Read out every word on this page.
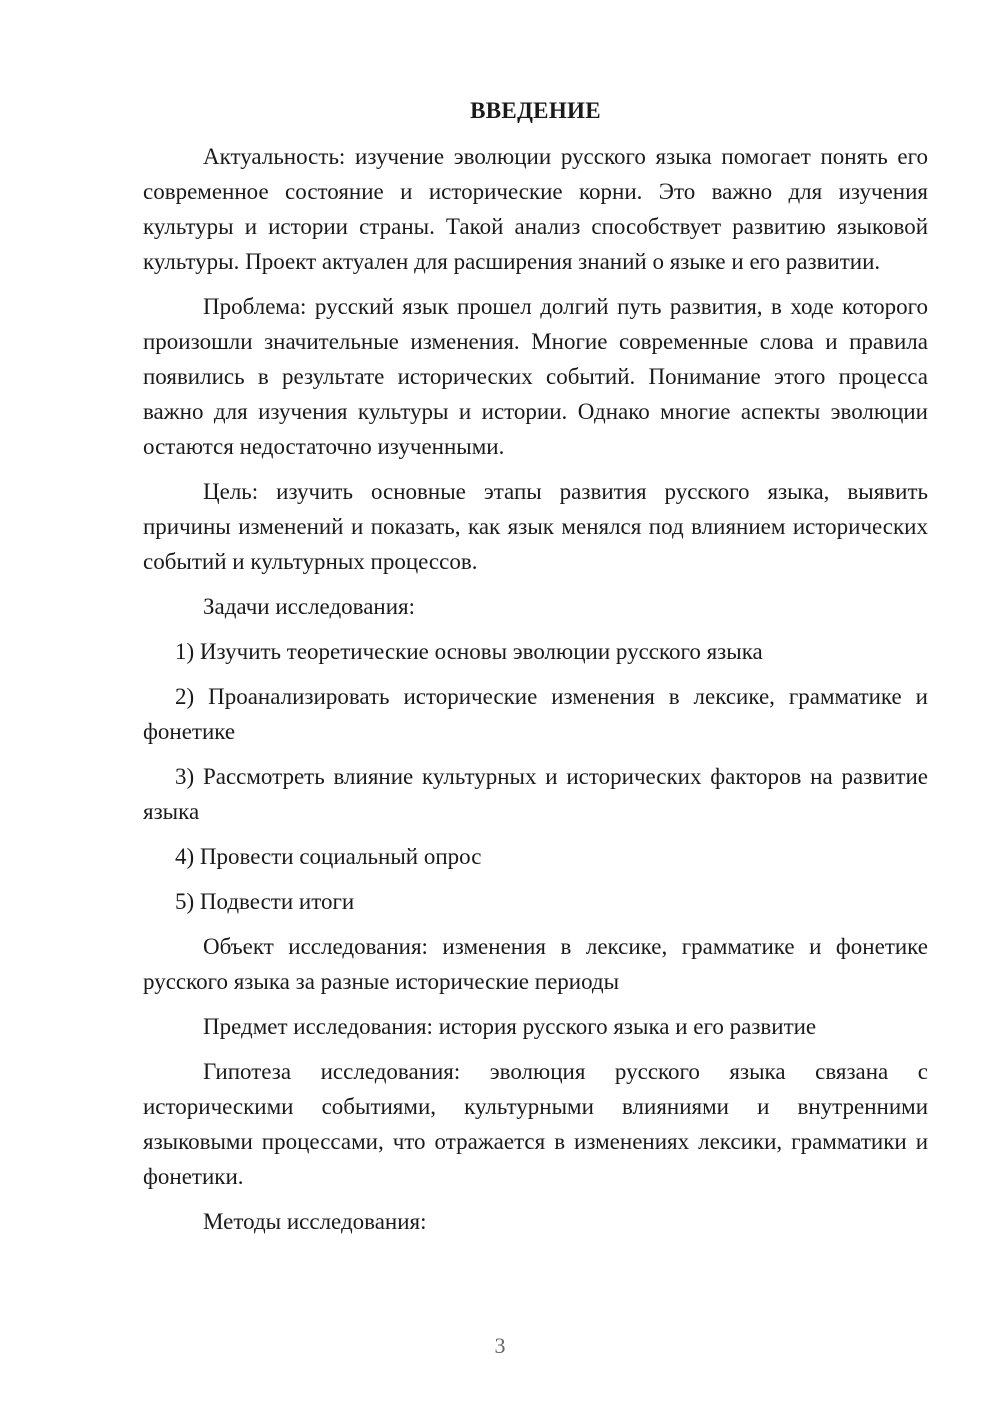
ВВЕДЕНИЕ

Актуальность: изучение эволюции русского языка помогает понять его современное состояние и исторические корни. Это важно для изучения культуры и истории страны. Такой анализ способствует развитию языковой культуры. Проект актуален для расширения знаний о языке и его развитии.

Проблема: русский язык прошел долгий путь развития, в ходе которого произошли значительные изменения. Многие современные слова и правила появились в результате исторических событий. Понимание этого процесса важно для изучения культуры и истории. Однако многие аспекты эволюции остаются недостаточно изученными.

Цель: изучить основные этапы развития русского языка, выявить причины изменений и показать, как язык менялся под влиянием исторических событий и культурных процессов.

Задачи исследования:

1) Изучить теоретические основы эволюции русского языка

2) Проанализировать исторические изменения в лексике, грамматике и фонетике

3) Рассмотреть влияние культурных и исторических факторов на развитие языка

4) Провести социальный опрос

5) Подвести итоги

Объект исследования: изменения в лексике, грамматике и фонетике русского языка за разные исторические периоды

Предмет исследования: история русского языка и его развитие

Гипотеза исследования: эволюция русского языка связана с историческими событиями, культурными влияниями и внутренними языковыми процессами, что отражается в изменениях лексики, грамматики и фонетики.

Методы исследования:

3
